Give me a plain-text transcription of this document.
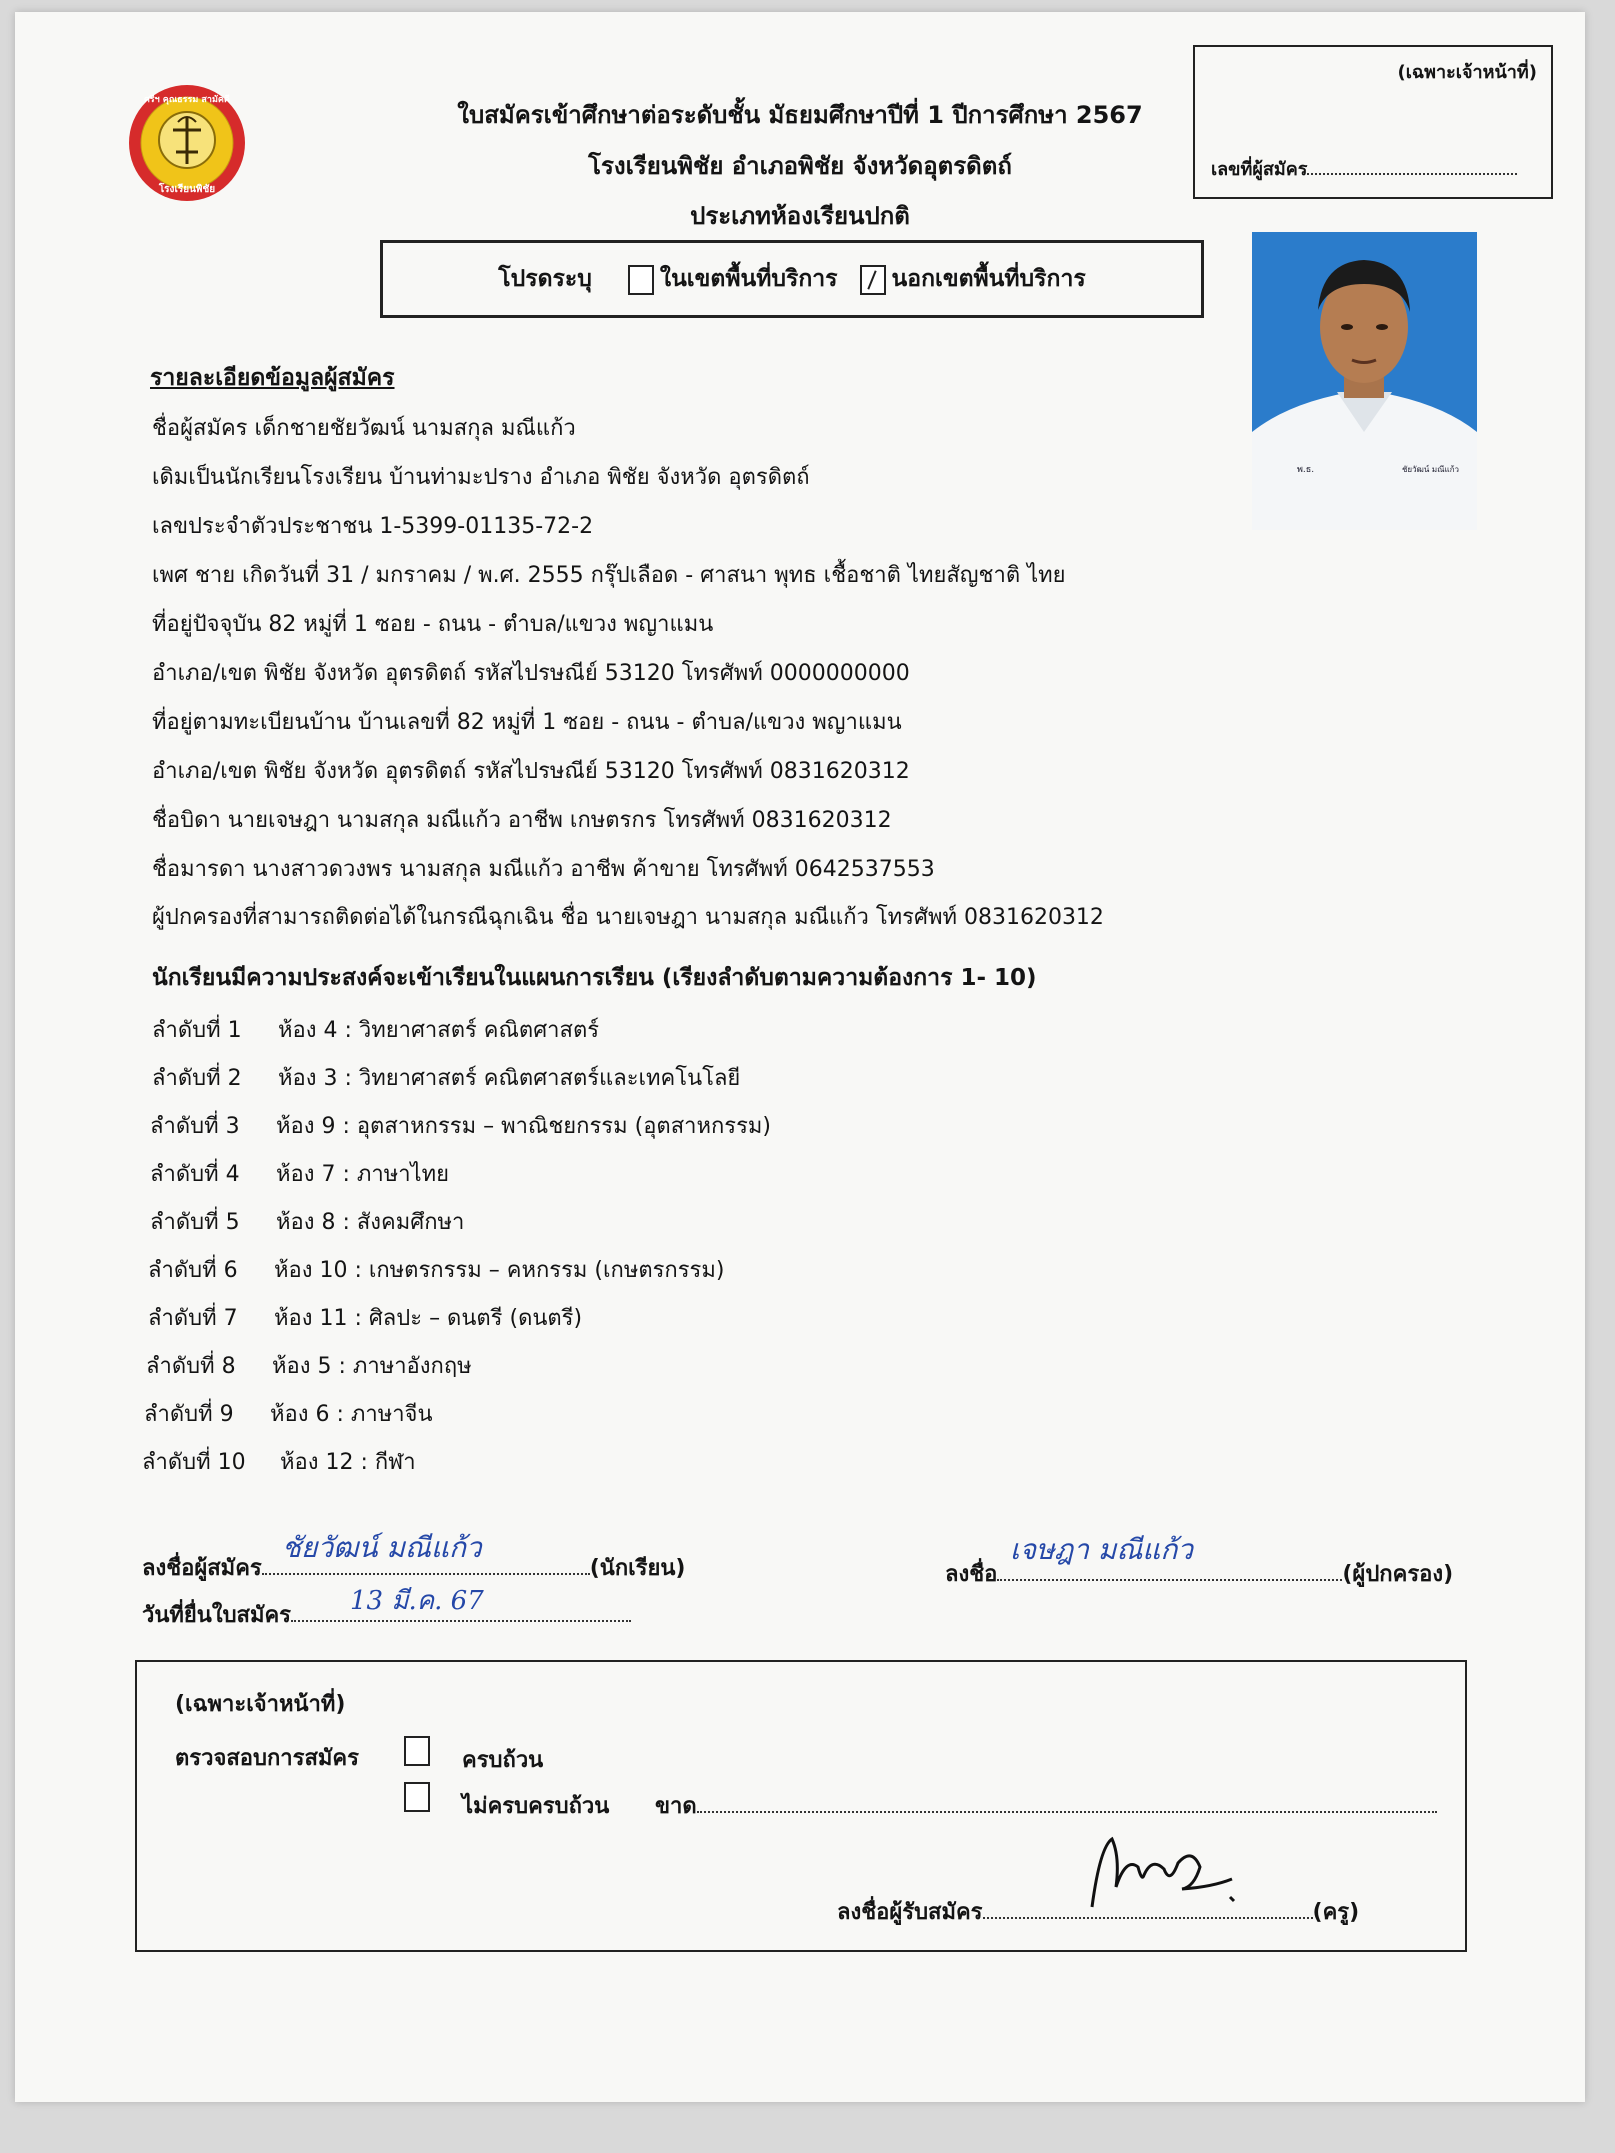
ศรีฯ คุณธรรม สามัคคี
โรงเรียนพิชัย
ใบสมัครเข้าศึกษาต่อระดับชั้น มัธยมศึกษาปีที่ 1 ปีการศึกษา 2567
โรงเรียนพิชัย อำเภอพิชัย จังหวัดอุตรดิตถ์
ประเภทห้องเรียนปกติ
(เฉพาะเจ้าหน้าที่)
เลขที่ผู้สมัคร
โปรดระบุ	ในเขตพื้นที่บริการ นอกเขตพื้นที่บริการ
พ.ธ.	ชัยวัฒน์ มณีแก้ว
รายละเอียดข้อมูลผู้สมัคร
ชื่อผู้สมัคร เด็กชายชัยวัฒน์ นามสกุล มณีแก้ว
เดิมเป็นนักเรียนโรงเรียน บ้านท่ามะปราง อำเภอ พิชัย จังหวัด อุตรดิตถ์
เลขประจำตัวประชาชน 1-5399-01135-72-2
เพศ ชาย เกิดวันที่ 31 / มกราคม / พ.ศ. 2555 กรุ๊ปเลือด - ศาสนา พุทธ เชื้อชาติ ไทยสัญชาติ ไทย
ที่อยู่ปัจจุบัน 82 หมู่ที่ 1 ซอย - ถนน - ตำบล/แขวง พญาแมน
อำเภอ/เขต พิชัย จังหวัด อุตรดิตถ์ รหัสไปรษณีย์ 53120 โทรศัพท์ 0000000000
ที่อยู่ตามทะเบียนบ้าน บ้านเลขที่ 82 หมู่ที่ 1 ซอย - ถนน - ตำบล/แขวง พญาแมน
อำเภอ/เขต พิชัย จังหวัด อุตรดิตถ์ รหัสไปรษณีย์ 53120 โทรศัพท์ 0831620312
ชื่อบิดา นายเจษฎา นามสกุล มณีแก้ว อาชีพ เกษตรกร โทรศัพท์ 0831620312
ชื่อมารดา นางสาวดวงพร นามสกุล มณีแก้ว อาชีพ ค้าขาย โทรศัพท์ 0642537553
ผู้ปกครองที่สามารถติดต่อได้ในกรณีฉุกเฉิน ชื่อ นายเจษฎา นามสกุล มณีแก้ว โทรศัพท์ 0831620312
นักเรียนมีความประสงค์จะเข้าเรียนในแผนการเรียน (เรียงลำดับตามความต้องการ 1- 10)
ลำดับที่ 1 ห้อง 4 : วิทยาศาสตร์ คณิตศาสตร์
ลำดับที่ 2 ห้อง 3 : วิทยาศาสตร์ คณิตศาสตร์และเทคโนโลยี
ลำดับที่ 3 ห้อง 9 : อุตสาหกรรม – พาณิชยกรรม (อุตสาหกรรม)
ลำดับที่ 4 ห้อง 7 : ภาษาไทย
ลำดับที่ 5 ห้อง 8 : สังคมศึกษา
ลำดับที่ 6 ห้อง 10 : เกษตรกรรม – คหกรรม (เกษตรกรรม)
ลำดับที่ 7 ห้อง 11 : ศิลปะ – ดนตรี (ดนตรี)
ลำดับที่ 8 ห้อง 5 : ภาษาอังกฤษ
ลำดับที่ 9 ห้อง 6 : ภาษาจีน
ลำดับที่ 10 ห้อง 12 : กีฬา
ลงชื่อผู้สมัคร	(นักเรียน)
ชัยวัฒน์ มณีแก้ว
วันที่ยื่นใบสมัคร	13 มี.ค. 67
ลงชื่อ	(ผู้ปกครอง)
เจษฎา มณีแก้ว
(เฉพาะเจ้าหน้าที่)
ตรวจสอบการสมัคร	ครบถ้วน
ไม่ครบครบถ้วน ขาด
ลงชื่อผู้รับสมัคร	(ครู)
